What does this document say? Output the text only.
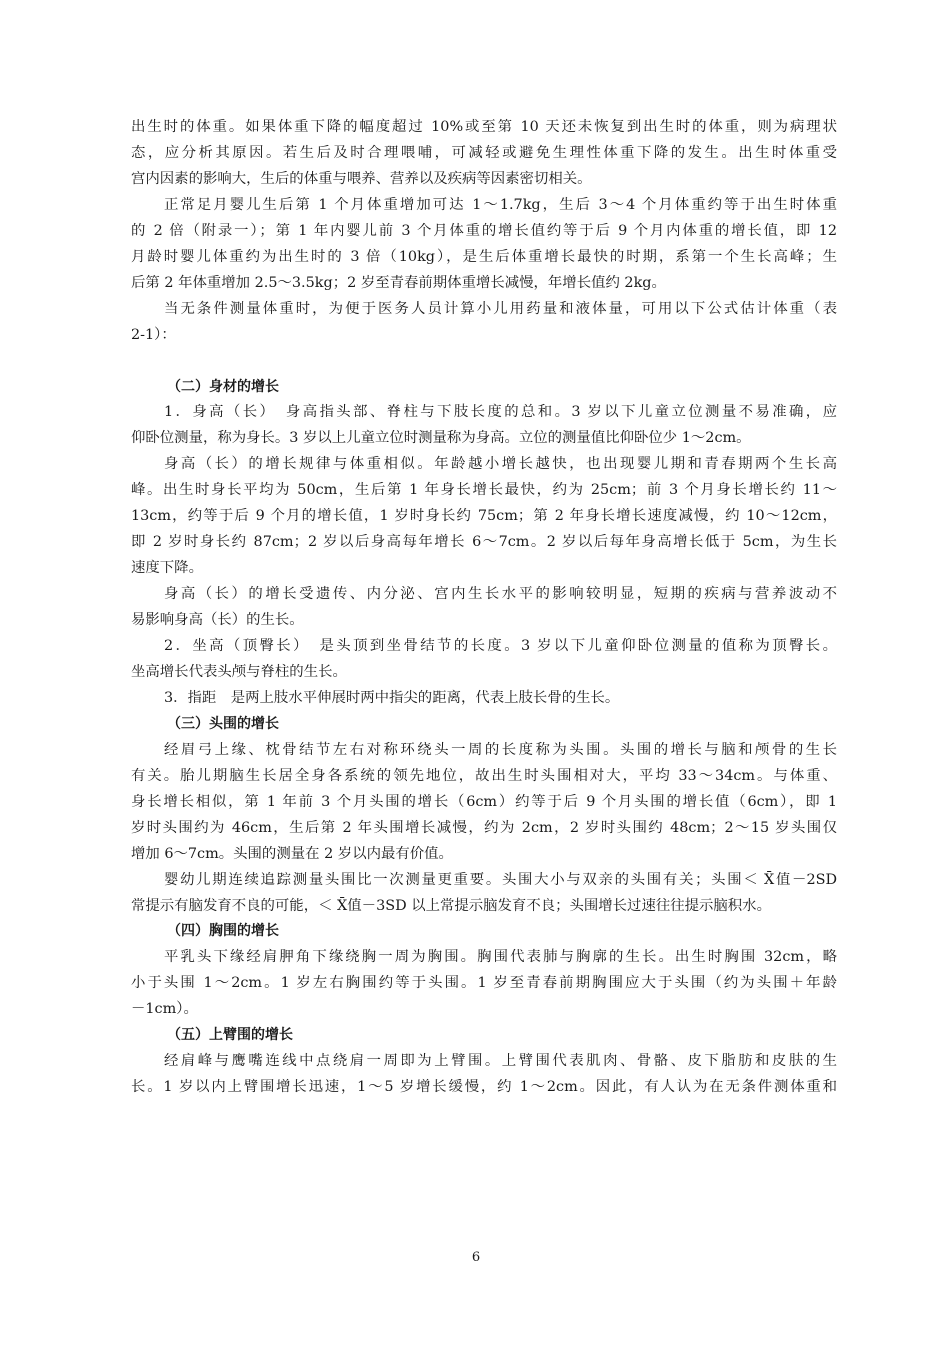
出生时的体重。如果体重下降的幅度超过 10%或至第 10 天还未恢复到出生时的体重，则为病理状
态，应分析其原因。若生后及时合理喂哺，可减轻或避免生理性体重下降的发生。出生时体重受
宫内因素的影响大，生后的体重与喂养、营养以及疾病等因素密切相关。
正常足月婴儿生后第 1 个月体重增加可达 1～1.7kg，生后 3～4 个月体重约等于出生时体重
的 2 倍（附录一）；第 1 年内婴儿前 3 个月体重的增长值约等于后 9 个月内体重的增长值，即 12
月龄时婴儿体重约为出生时的 3 倍（10kg），是生后体重增长最快的时期，系第一个生长高峰；生
后第 2 年体重增加 2.5～3.5kg；2 岁至青春前期体重增长减慢，年增长值约 2kg。
当无条件测量体重时，为便于医务人员计算小儿用药量和液体量，可用以下公式估计体重（表
2-1）：
（二）身材的增长
1．身高（长）　身高指头部、脊柱与下肢长度的总和。3 岁以下儿童立位测量不易准确，应
仰卧位测量，称为身长。3 岁以上儿童立位时测量称为身高。立位的测量值比仰卧位少 1～2cm。
身高（长）的增长规律与体重相似。年龄越小增长越快，也出现婴儿期和青春期两个生长高
峰。出生时身长平均为 50cm，生后第 1 年身长增长最快，约为 25cm；前 3 个月身长增长约 11～
13cm，约等于后 9 个月的增长值，1 岁时身长约 75cm；第 2 年身长增长速度减慢，约 10～12cm，
即 2 岁时身长约 87cm；2 岁以后身高每年增长 6～7cm。2 岁以后每年身高增长低于 5cm，为生长
速度下降。
身高（长）的增长受遗传、内分泌、宫内生长水平的影响较明显，短期的疾病与营养波动不
易影响身高（长）的生长。
2．坐高（顶臀长）　是头顶到坐骨结节的长度。3 岁以下儿童仰卧位测量的值称为顶臀长。
坐高增长代表头颅与脊柱的生长。
3．指距　是两上肢水平伸展时两中指尖的距离，代表上肢长骨的生长。
（三）头围的增长
经眉弓上缘、枕骨结节左右对称环绕头一周的长度称为头围。头围的增长与脑和颅骨的生长
有关。胎儿期脑生长居全身各系统的领先地位，故出生时头围相对大，平均 33～34cm。与体重、
身长增长相似，第 1 年前 3 个月头围的增长（6cm）约等于后 9 个月头围的增长值（6cm），即 1
岁时头围约为 46cm，生后第 2 年头围增长减慢，约为 2cm，2 岁时头围约 48cm；2～15 岁头围仅
增加 6～7cm。头围的测量在 2 岁以内最有价值。
婴幼儿期连续追踪测量头围比一次测量更重要。头围大小与双亲的头围有关；头围＜ X̄值－2SD
常提示有脑发育不良的可能，＜ X̄值－3SD 以上常提示脑发育不良；头围增长过速往往提示脑积水。
（四）胸围的增长
平乳头下缘经肩胛角下缘绕胸一周为胸围。胸围代表肺与胸廓的生长。出生时胸围 32cm，略
小于头围 1～2cm。1 岁左右胸围约等于头围。1 岁至青春前期胸围应大于头围（约为头围＋年龄
－1cm）。
（五）上臂围的增长
经肩峰与鹰嘴连线中点绕肩一周即为上臂围。上臂围代表肌肉、骨骼、皮下脂肪和皮肤的生
长。1 岁以内上臂围增长迅速，1～5 岁增长缓慢，约 1～2cm。因此，有人认为在无条件测体重和
6
